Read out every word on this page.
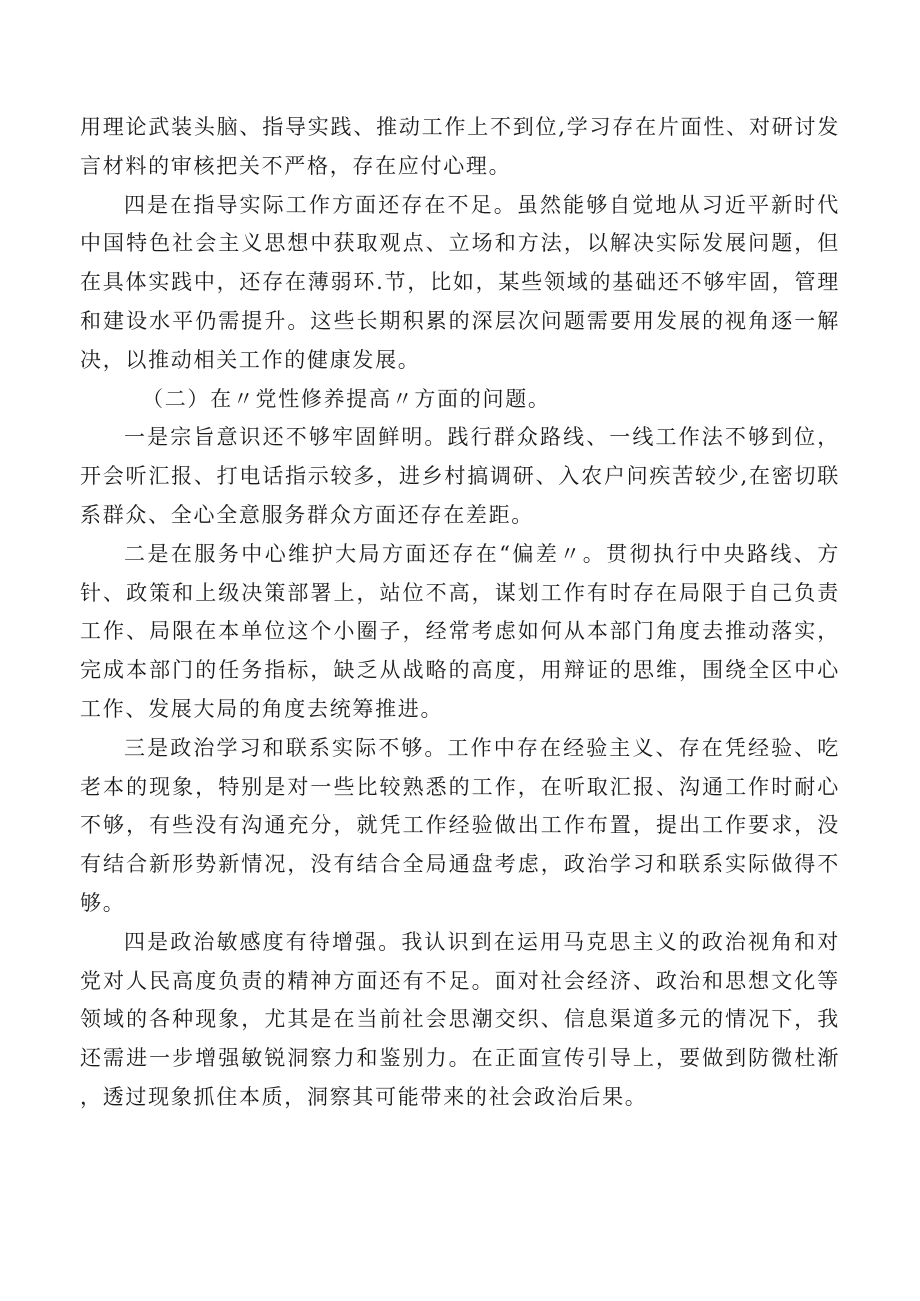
用理论武装头脑、指导实践、推动工作上不到位,学习存在片面性、对研讨发言材料的审核把关不严格，存在应付心理。

四是在指导实际工作方面还存在不足。虽然能够自觉地从习近平新时代中国特色社会主义思想中获取观点、立场和方法，以解决实际发展问题，但在具体实践中，还存在薄弱环.节，比如，某些领域的基础还不够牢固，管理和建设水平仍需提升。这些长期积累的深层次问题需要用发展的视角逐一解决，以推动相关工作的健康发展。

（二）在〃党性修养提高〃方面的问题。

一是宗旨意识还不够牢固鲜明。践行群众路线、一线工作法不够到位，开会听汇报、打电话指示较多，进乡村搞调研、入农户问疾苦较少,在密切联系群众、全心全意服务群众方面还存在差距。

二是在服务中心维护大局方面还存在“偏差〃。贯彻执行中央路线、方针、政策和上级决策部署上，站位不高，谋划工作有时存在局限于自己负责工作、局限在本单位这个小圈子，经常考虑如何从本部门角度去推动落实，完成本部门的任务指标，缺乏从战略的高度，用辩证的思维，围绕全区中心工作、发展大局的角度去统筹推进。

三是政治学习和联系实际不够。工作中存在经验主义、存在凭经验、吃老本的现象，特别是对一些比较熟悉的工作，在听取汇报、沟通工作时耐心不够，有些没有沟通充分，就凭工作经验做出工作布置，提出工作要求，没有结合新形势新情况，没有结合全局通盘考虑，政治学习和联系实际做得不够。

四是政治敏感度有待增强。我认识到在运用马克思主义的政治视角和对党对人民高度负责的精神方面还有不足。面对社会经济、政治和思想文化等领域的各种现象，尤其是在当前社会思潮交织、信息渠道多元的情况下，我还需进一步增强敏锐洞察力和鉴别力。在正面宣传引导上，要做到防微杜渐，透过现象抓住本质，洞察其可能带来的社会政治后果。
